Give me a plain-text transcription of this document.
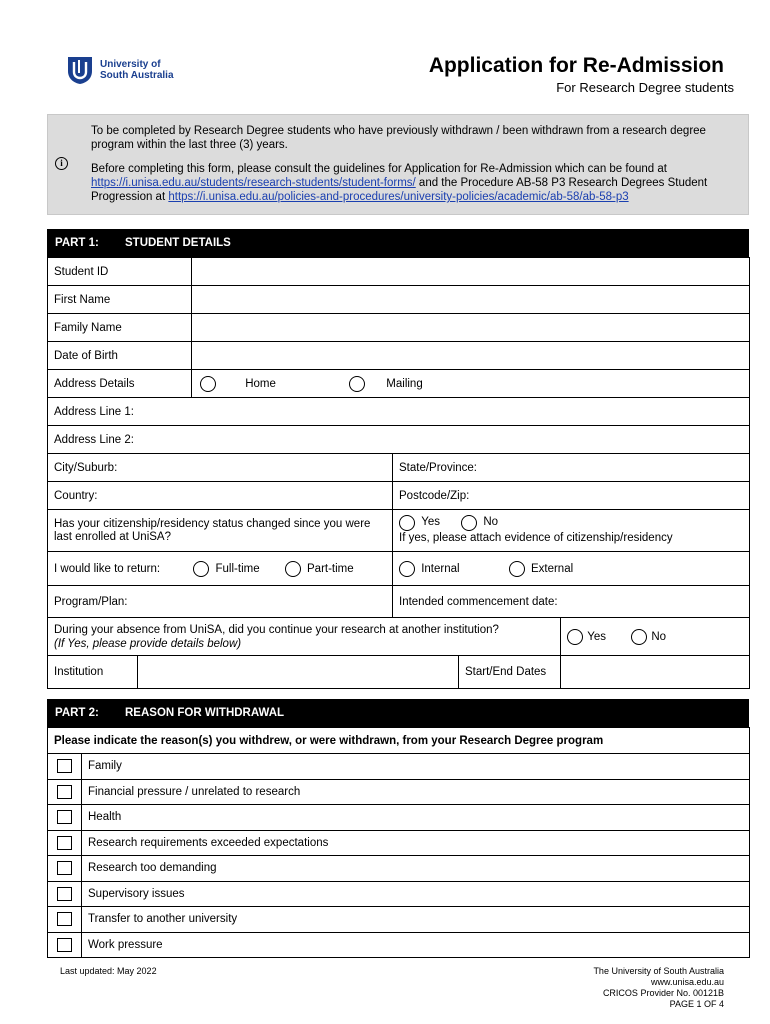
University of
South Australia	Application for Re-Admission
For Research Degree students
i

To be completed by Research Degree students who have previously withdrawn / been withdrawn from a research degree program within the last three (3) years.

Before completing this form, please consult the guidelines for Application for Re-Admission which can be found at https://i.unisa.edu.au/students/research-students/student-forms/ and the Procedure AB-58 P3 Research Degrees Student Progression at https://i.unisa.edu.au/policies-and-procedures/university-policies/academic/ab-58/ab-58-p3

PART 1: STUDENT DETAILS
Student ID	
First Name	
Family Name	
Date of Birth	
Address Details	Home Mailing
Address Line 1:	
Address Line 2:	
City/Suburb:	State/Province:
Country:	Postcode/Zip:
Has your citizenship/residency status changed since you were last enrolled at UniSA?	Yes No
If yes, please attach evidence of citizenship/residency
I would like to return: Full-time Part-time	Internal External
Program/Plan:	Intended commencement date:
During your absence from UniSA, did you continue your research at another institution?
(If Yes, please provide details below)			Yes No
Institution		Start/End Dates	
PART 2: REASON FOR WITHDRAWAL
Please indicate the reason(s) you withdrew, or were withdrawn, from your Research Degree program	
	Family
	Financial pressure / unrelated to research
	Health
	Research requirements exceeded expectations
	Research too demanding
	Supervisory issues
	Transfer to another university
	Work pressure
Last updated: May 2022	The University of South Australia
www.unisa.edu.au
CRICOS Provider No. 00121B
PAGE 1 OF 4
